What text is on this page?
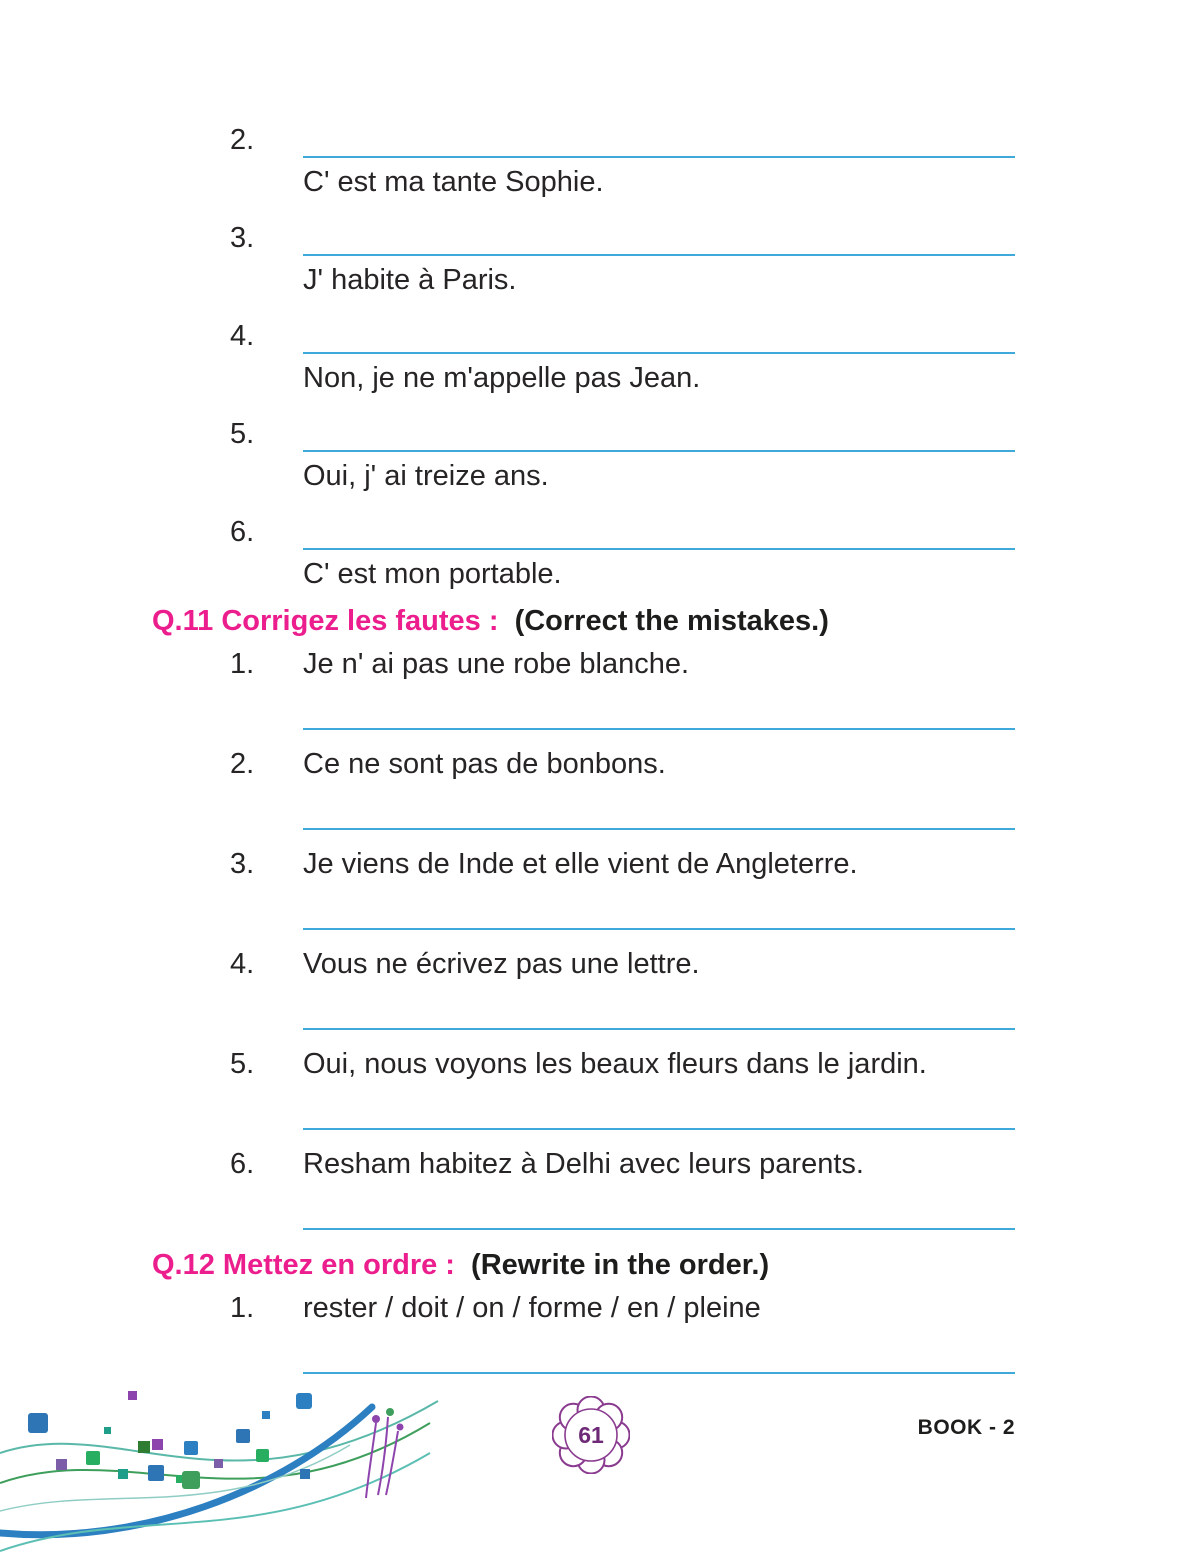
2.
C' est ma tante Sophie.
3.
J' habite à Paris.
4.
Non, je ne m'appelle pas Jean.
5.
Oui, j' ai treize ans.
6.
C' est mon portable.
Q.11 Corrigez les fautes : (Correct the mistakes.)
1.	Je n' ai pas une robe blanche.
2.	Ce ne sont pas de bonbons.
3.	Je viens de Inde et elle vient de Angleterre.
4.	Vous ne écrivez pas une lettre.
5.	Oui, nous voyons les beaux fleurs dans le jardin.
6.	Resham habitez à Delhi avec leurs parents.
Q.12 Mettez en ordre : (Rewrite in the order.)
1.	rester / doit / on / forme / en / pleine
61	BOOK - 2
